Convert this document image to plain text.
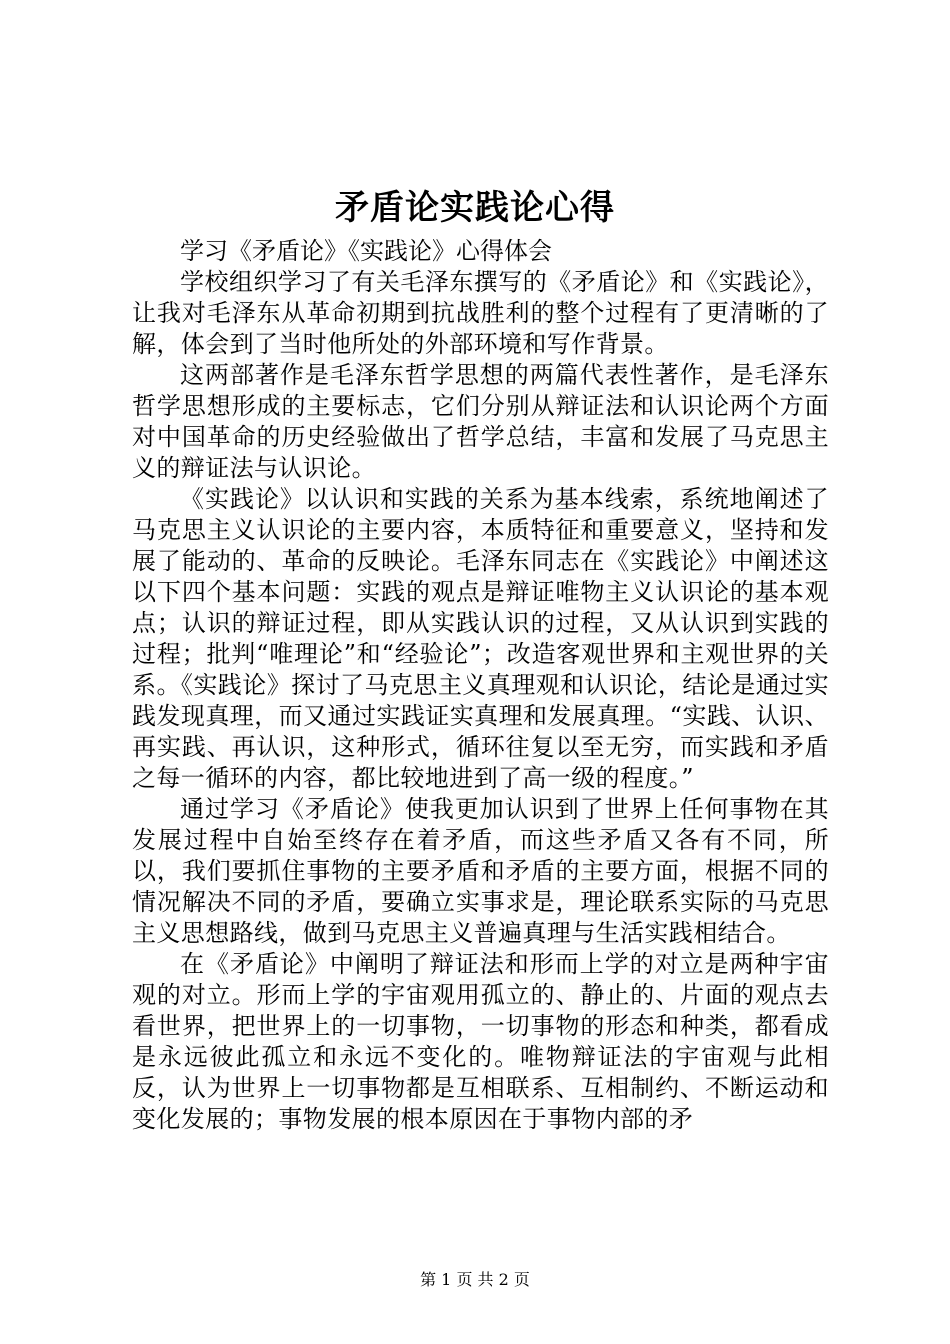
矛盾论实践论心得

学习《矛盾论》《实践论》心得体会

学校组织学习了有关毛泽东撰写的《矛盾论》和《实践论》，让我对毛泽东从革命初期到抗战胜利的整个过程有了更清晰的了解，体会到了当时他所处的外部环境和写作背景。

这两部著作是毛泽东哲学思想的两篇代表性著作，是毛泽东哲学思想形成的主要标志，它们分别从辩证法和认识论两个方面对中国革命的历史经验做出了哲学总结，丰富和发展了马克思主义的辩证法与认识论。

《实践论》以认识和实践的关系为基本线索，系统地阐述了马克思主义认识论的主要内容，本质特征和重要意义，坚持和发展了能动的、革命的反映论。毛泽东同志在《实践论》中阐述这以下四个基本问题：实践的观点是辩证唯物主义认识论的基本观点；认识的辩证过程，即从实践认识的过程，又从认识到实践的过程；批判“唯理论”和“经验论”；改造客观世界和主观世界的关系。《实践论》探讨了马克思主义真理观和认识论，结论是通过实践发现真理，而又通过实践证实真理和发展真理。“实践、认识、再实践、再认识，这种形式，循环往复以至无穷，而实践和矛盾之每一循环的内容，都比较地进到了高一级的程度。”

通过学习《矛盾论》使我更加认识到了世界上任何事物在其发展过程中自始至终存在着矛盾，而这些矛盾又各有不同，所以，我们要抓住事物的主要矛盾和矛盾的主要方面，根据不同的情况解决不同的矛盾，要确立实事求是，理论联系实际的马克思主义思想路线，做到马克思主义普遍真理与生活实践相结合。

在《矛盾论》中阐明了辩证法和形而上学的对立是两种宇宙观的对立。形而上学的宇宙观用孤立的、静止的、片面的观点去看世界，把世界上的一切事物，一切事物的形态和种类，都看成是永远彼此孤立和永远不变化的。唯物辩证法的宇宙观与此相反，认为世界上一切事物都是互相联系、互相制约、不断运动和变化发展的；事物发展的根本原因在于事物内部的矛

第 1 页 共 2 页
